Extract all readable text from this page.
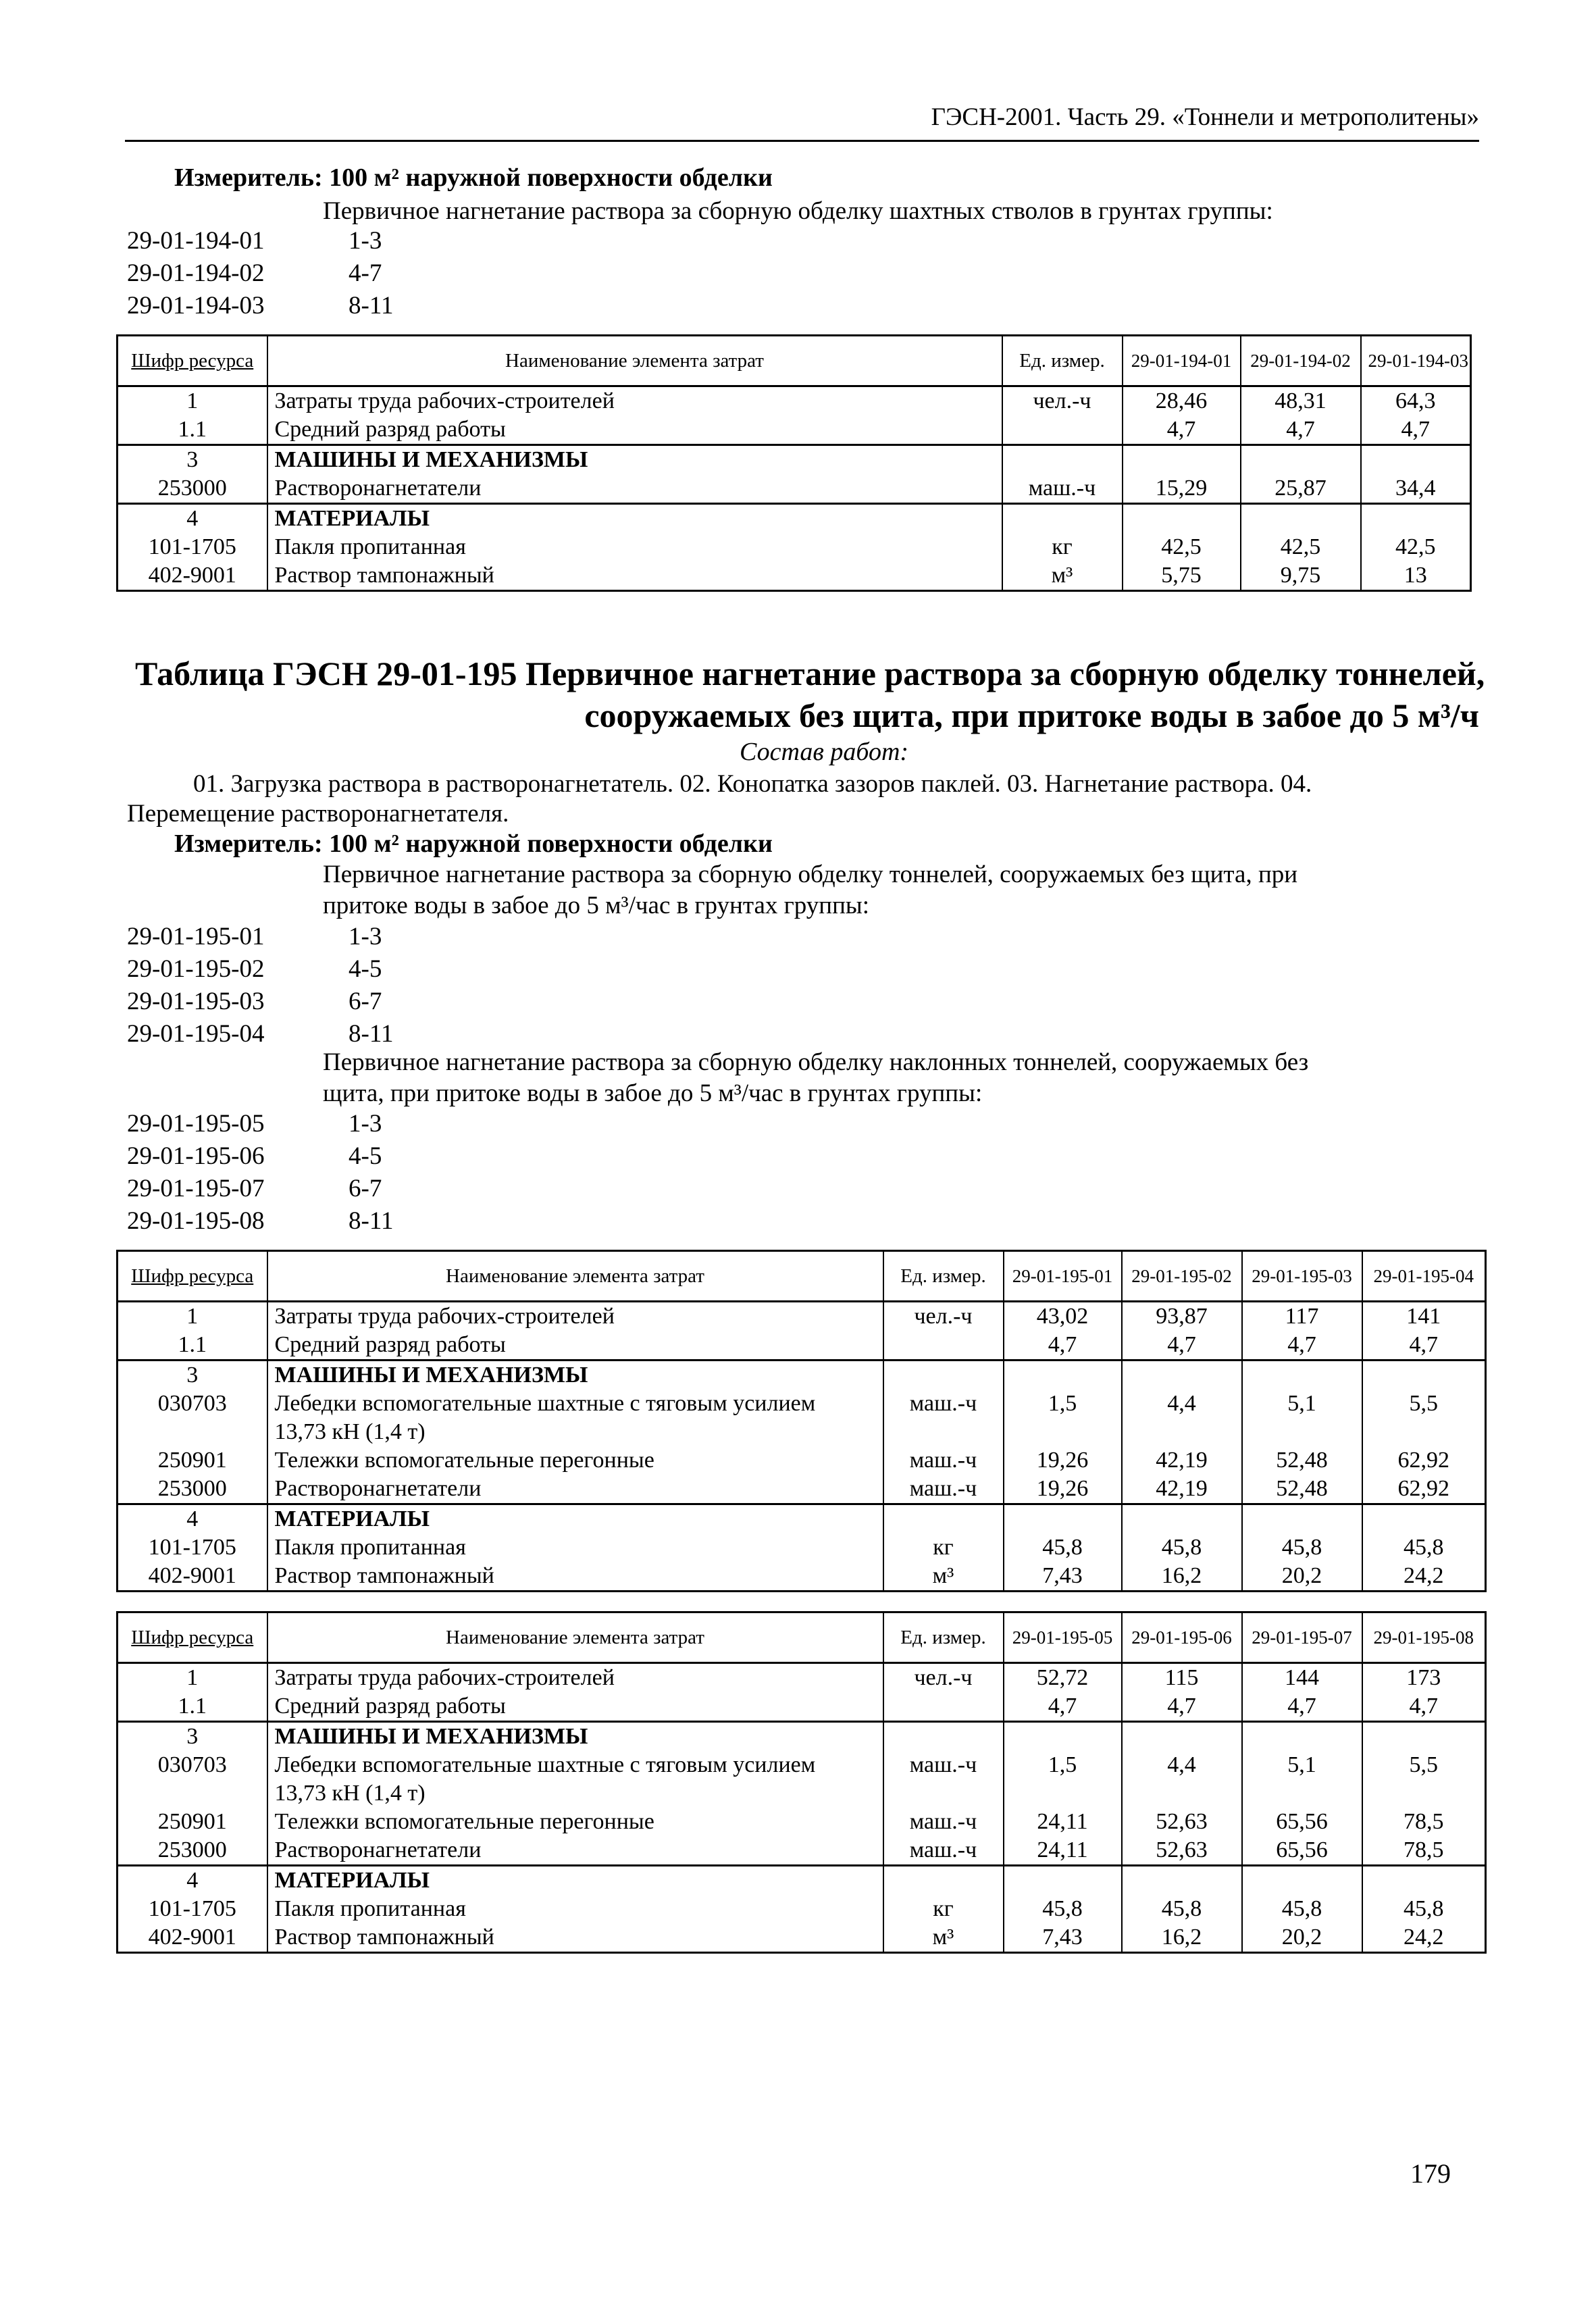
ГЭСН-2001. Часть 29. «Тоннели и метрополитены»
Измеритель: 100 м² наружной поверхности обделки
Первичное нагнетание раствора за сборную обделку шахтных стволов в грунтах группы:
29-01-194-01	1-3
29-01-194-02	4-7
29-01-194-03	8-11
Шифр ресурса	Наименование элемента затрат	Ед. измер.	29-01-194-01	29-01-194-02	29-01-194-03
1	Затраты труда рабочих-строителей	чел.-ч	28,46	48,31	64,3
1.1	Средний разряд работы		4,7	4,7	4,7
3	МАШИНЫ И МЕХАНИЗМЫ				
253000	Растворонагнетатели	маш.-ч	15,29	25,87	34,4
4	МАТЕРИАЛЫ				
101-1705	Пакля пропитанная	кг	42,5	42,5	42,5
402-9001	Раствор тампонажный	м³	5,75	9,75	13
Таблица ГЭСН 29-01-195 Первичное нагнетание раствора за сборную обделку тоннелей,
сооружаемых без щита, при притоке воды в забое до 5 м³/ч
Состав работ:
01. Загрузка раствора в растворонагнетатель. 02. Конопатка зазоров паклей. 03. Нагнетание раствора. 04.
Перемещение растворонагнетателя.
Измеритель: 100 м² наружной поверхности обделки
Первичное нагнетание раствора за сборную обделку тоннелей, сооружаемых без щита, при
притоке воды в забое до 5 м³/час в грунтах группы:
29-01-195-01	1-3
29-01-195-02	4-5
29-01-195-03	6-7
29-01-195-04	8-11
Первичное нагнетание раствора за сборную обделку наклонных тоннелей, сооружаемых без
щита, при притоке воды в забое до 5 м³/час в грунтах группы:
29-01-195-05	1-3
29-01-195-06	4-5
29-01-195-07	6-7
29-01-195-08	8-11
Шифр ресурса	Наименование элемента затрат	Ед. измер.	29-01-195-01	29-01-195-02	29-01-195-03	29-01-195-04
1	Затраты труда рабочих-строителей	чел.-ч	43,02	93,87	117	141
1.1	Средний разряд работы		4,7	4,7	4,7	4,7
3	МАШИНЫ И МЕХАНИЗМЫ					
030703	Лебедки вспомогательные шахтные с тяговым усилием
13,73 кН (1,4 т)	маш.-ч	1,5	4,4	5,1	5,5
250901	Тележки вспомогательные перегонные	маш.-ч	19,26	42,19	52,48	62,92
253000	Растворонагнетатели	маш.-ч	19,26	42,19	52,48	62,92
4	МАТЕРИАЛЫ					
101-1705	Пакля пропитанная	кг	45,8	45,8	45,8	45,8
402-9001	Раствор тампонажный	м³	7,43	16,2	20,2	24,2
Шифр ресурса	Наименование элемента затрат	Ед. измер.	29-01-195-05	29-01-195-06	29-01-195-07	29-01-195-08
1	Затраты труда рабочих-строителей	чел.-ч	52,72	115	144	173
1.1	Средний разряд работы		4,7	4,7	4,7	4,7
3	МАШИНЫ И МЕХАНИЗМЫ					
030703	Лебедки вспомогательные шахтные с тяговым усилием
13,73 кН (1,4 т)	маш.-ч	1,5	4,4	5,1	5,5
250901	Тележки вспомогательные перегонные	маш.-ч	24,11	52,63	65,56	78,5
253000	Растворонагнетатели	маш.-ч	24,11	52,63	65,56	78,5
4	МАТЕРИАЛЫ					
101-1705	Пакля пропитанная	кг	45,8	45,8	45,8	45,8
402-9001	Раствор тампонажный	м³	7,43	16,2	20,2	24,2
179
